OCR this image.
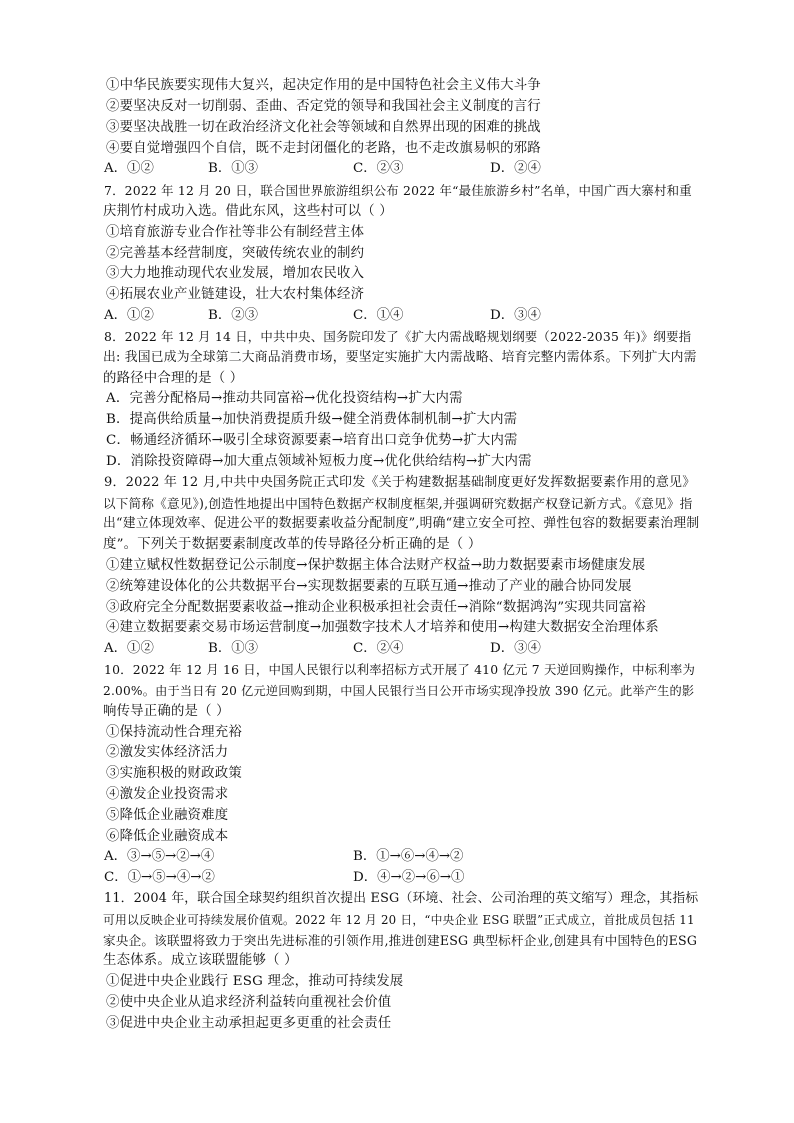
①中华民族要实现伟大复兴，起决定作用的是中国特色社会主义伟大斗争
②要坚决反对一切削弱、歪曲、否定党的领导和我国社会主义制度的言行
③要坚决战胜一切在政治经济文化社会等领域和自然界出现的困难的挑战
④要自觉增强四个自信，既不走封闭僵化的老路，也不走改旗易帜的邪路
A．①②	B．①③	C．②③	D．②④
7．2022 年 12 月 20 日，联合国世界旅游组织公布 2022 年“最佳旅游乡村”名单，中国广西大寨村和重
庆荆竹村成功入选。借此东风，这些村可以（ ）
①培育旅游专业合作社等非公有制经营主体
②完善基本经营制度，突破传统农业的制约
③大力地推动现代农业发展，增加农民收入
④拓展农业产业链建设，壮大农村集体经济
A．①②	B．②③	C．①④	D．③④
8．2022 年 12 月 14 日，中共中央、国务院印发了《扩大内需战略规划纲要（2022-2035 年)》纲要指
出: 我国已成为全球第二大商品消费市场，要坚定实施扩大内需战略、培育完整内需体系。下列扩大内需
的路径中合理的是（ ）
A．完善分配格局→推动共同富裕→优化投资结构→扩大内需
B．提高供给质量→加快消费提质升级→健全消费体制机制→扩大内需
C．畅通经济循环→吸引全球资源要素→培育出口竞争优势→扩大内需
D．消除投资障碍→加大重点领域补短板力度→优化供给结构→扩大内需
9．2022 年 12 月,中共中央国务院正式印发《关于构建数据基础制度更好发挥数据要素作用的意见》
以下简称《意见》),创造性地提出中国特色数据产权制度框架,并强调研究数据产权登记新方式。《意见》指
出“建立体现效率、促进公平的数据要素收益分配制度”,明确“建立安全可控、弹性包容的数据要素治理制
度”。下列关于数据要素制度改革的传导路径分析正确的是（ ）
①建立赋权性数据登记公示制度→保护数据主体合法财产权益→助力数据要素市场健康发展
②统筹建设体化的公共数据平台→实现数据要素的互联互通→推动了产业的融合协同发展
③政府完全分配数据要素收益→推动企业积极承担社会责任→消除“数据鸿沟”实现共同富裕
④建立数据要素交易市场运营制度→加强数字技术人才培养和使用→构建大数据安全治理体系
A．①②	B．①③	C．②④	D．③④
10．2022 年 12 月 16 日，中国人民银行以利率招标方式开展了 410 亿元 7 天逆回购操作，中标利率为
2.00%。由于当日有 20 亿元逆回购到期，中国人民银行当日公开市场实现净投放 390 亿元。此举产生的影
响传导正确的是（ ）
①保持流动性合理充裕
②激发实体经济活力
③实施积极的财政政策
④激发企业投资需求
⑤降低企业融资难度
⑥降低企业融资成本
A．③→⑤→②→④	B．①→⑥→④→②
C．①→⑤→④→②	D．④→②→⑥→①
11．2004 年，联合国全球契约组织首次提出 ESG（环境、社会、公司治理的英文缩写）理念，其指标
可用以反映企业可持续发展价值观。2022 年 12 月 20 日，“中央企业 ESG 联盟”正式成立，首批成员包括 11
家央企。该联盟将致力于突出先进标准的引领作用,推进创建ESG 典型标杆企业,创建具有中国特色的ESG
生态体系。成立该联盟能够（ ）
①促进中央企业践行 ESG 理念，推动可持续发展
②使中央企业从追求经济利益转向重视社会价值
③促进中央企业主动承担起更多更重的社会责任
